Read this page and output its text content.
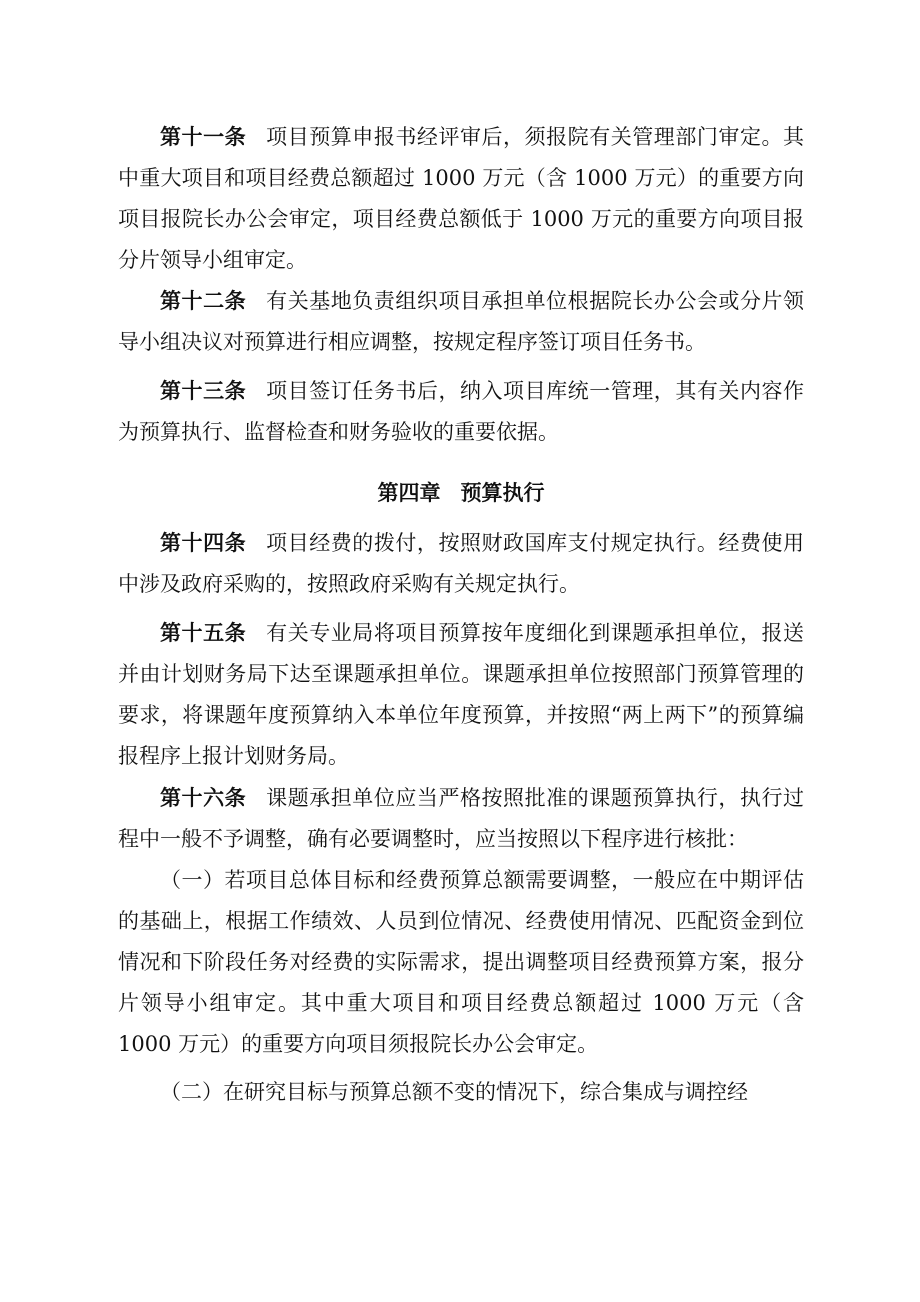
第十一条 项目预算申报书经评审后，须报院有关管理部门审定。其中重大项目和项目经费总额超过 1000 万元（含 1000 万元）的重要方向项目报院长办公会审定，项目经费总额低于 1000 万元的重要方向项目报分片领导小组审定。

第十二条 有关基地负责组织项目承担单位根据院长办公会或分片领导小组决议对预算进行相应调整，按规定程序签订项目任务书。

第十三条 项目签订任务书后，纳入项目库统一管理，其有关内容作为预算执行、监督检查和财务验收的重要依据。

第四章 预算执行

第十四条 项目经费的拨付，按照财政国库支付规定执行。经费使用中涉及政府采购的，按照政府采购有关规定执行。

第十五条 有关专业局将项目预算按年度细化到课题承担单位，报送并由计划财务局下达至课题承担单位。课题承担单位按照部门预算管理的要求，将课题年度预算纳入本单位年度预算，并按照“两上两下”的预算编报程序上报计划财务局。

第十六条 课题承担单位应当严格按照批准的课题预算执行，执行过程中一般不予调整，确有必要调整时，应当按照以下程序进行核批：

（一）若项目总体目标和经费预算总额需要调整，一般应在中期评估的基础上，根据工作绩效、人员到位情况、经费使用情况、匹配资金到位情况和下阶段任务对经费的实际需求，提出调整项目经费预算方案，报分片领导小组审定。其中重大项目和项目经费总额超过 1000 万元（含 1000 万元）的重要方向项目须报院长办公会审定。

（二）在研究目标与预算总额不变的情况下，综合集成与调控经
